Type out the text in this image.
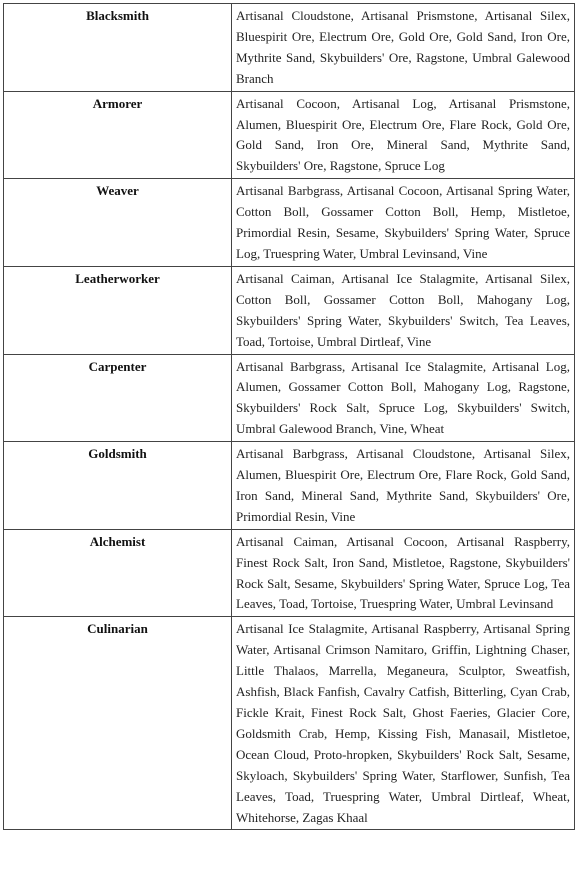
Blacksmith	Artisanal Cloudstone, Artisanal Prismstone, Artisanal Silex, Bluespirit Ore, Electrum Ore, Gold Ore, Gold Sand, Iron Ore, Mythrite Sand, Skybuilders' Ore, Ragstone, Umbral Galewood Branch
Armorer	Artisanal Cocoon, Artisanal Log, Artisanal Prismstone, Alumen, Bluespirit Ore, Electrum Ore, Flare Rock, Gold Ore, Gold Sand, Iron Ore, Mineral Sand, Mythrite Sand, Skybuilders' Ore, Ragstone, Spruce Log
Weaver	Artisanal Barbgrass, Artisanal Cocoon, Artisanal Spring Water, Cotton Boll, Gossamer Cotton Boll, Hemp, Mistletoe, Primordial Resin, Sesame, Skybuilders' Spring Water, Spruce Log, Truespring Water, Umbral Levinsand, Vine
Leatherworker	Artisanal Caiman, Artisanal Ice Stalagmite, Artisanal Silex, Cotton Boll, Gossamer Cotton Boll, Mahogany Log, Skybuilders' Spring Water, Skybuilders' Switch, Tea Leaves, Toad, Tortoise, Umbral Dirtleaf, Vine
Carpenter	Artisanal Barbgrass, Artisanal Ice Stalagmite, Artisanal Log, Alumen, Gossamer Cotton Boll, Mahogany Log, Ragstone, Skybuilders' Rock Salt, Spruce Log, Skybuilders' Switch, Umbral Galewood Branch, Vine, Wheat
Goldsmith	Artisanal Barbgrass, Artisanal Cloudstone, Artisanal Silex, Alumen, Bluespirit Ore, Electrum Ore, Flare Rock, Gold Sand, Iron Sand, Mineral Sand, Mythrite Sand, Skybuilders' Ore, Primordial Resin, Vine
Alchemist	Artisanal Caiman, Artisanal Cocoon, Artisanal Raspberry, Finest Rock Salt, Iron Sand, Mistletoe, Ragstone, Skybuilders' Rock Salt, Sesame, Skybuilders' Spring Water, Spruce Log, Tea Leaves, Toad, Tortoise, Truespring Water, Umbral Levinsand
Culinarian	Artisanal Ice Stalagmite, Artisanal Raspberry, Artisanal Spring Water, Artisanal Crimson Namitaro, Griffin, Lightning Chaser, Little Thalaos, Marrella, Meganeura, Sculptor, Sweatfish, Ashfish, Black Fanfish, Cavalry Catfish, Bitterling, Cyan Crab, Fickle Krait, Finest Rock Salt, Ghost Faeries, Glacier Core, Goldsmith Crab, Hemp, Kissing Fish, Manasail, Mistletoe, Ocean Cloud, Proto-hropken, Skybuilders' Rock Salt, Sesame, Skyloach, Skybuilders' Spring Water, Starflower, Sunfish, Tea Leaves, Toad, Truespring Water, Umbral Dirtleaf, Wheat, Whitehorse, Zagas Khaal
